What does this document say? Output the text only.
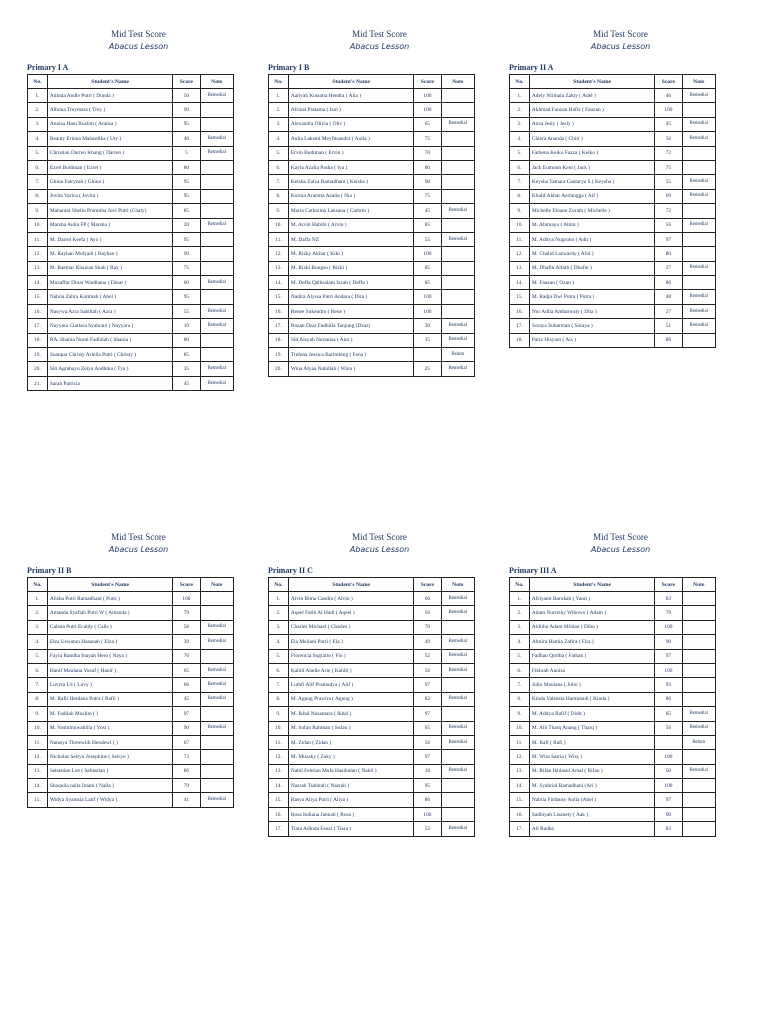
Mid Test Score
Abacus Lesson
Primary I A
No.	Student's Name	Score	Note
1.	Adinda Andle Putri ( Dunda )	50	Remedial
2.	Albona Treymara ( Trey )	90	
3.	Annisa Hani Ruslim ( Annisa )	95	
4.	Beauty Erinna Mahardika ( Uty )	40	Remedial
5.	Christian Darren Khang ( Darren )	5	Remedial
6.	Ezrel Budiman ( Ezrel )	80	
7.	Ghina Fairyzah ( Ghina )	95	
8.	Jovita Varica ( Jovita )	95	
9.	Maharani Shello Pramitha Jovi Putri (Chaty)	85	
10.	Marsha Aulia FP ( Marsha )	20	Remedial
11.	M. Darrel Keefa ( Ayo )	95	
12.	M. Rayhan Mulyadi ( Rayhan )	90	
13.	M. Raemar Khaizan Shah ( Ray )	75	
14.	Muzaffar Dinar Wardhana ( Dinar )	60	Remedial
15.	Nabila Zahra Karimah ( Abel )	95	
16.	Nasywa Azra Sabillah ( Azra )	55	Remedial
17.	Nayyara Clarissa Syahrani ( Nayyara )	10	Remedial
18.	RA. Shania Nurul Fadhilah ( Shania )	80	
19.	Suanpar Christy Ariella Putri ( Christy )	85	
20.	Siti Agrahayu Zetya Andhika ( Tya )	35	Remedial
21.	Sarah Patricia	45	Remedial
Mid Test Score
Abacus Lesson
Primary I B
No.	Student's Name	Score	Note
1.	Aaliyah Kusuma Hendra ( Alia )	100	
2.	Afrizal Pratama ( Izal )	100	
3.	Alexandra Olivia ( Oliv )	65	Remedial
4.	Aulia Laksmi Meyfitsandra ( Aulia )	75	
5.	Ervin Budiman ( Ervin )	70	
6.	Kayla Azalia Pasha ( Iya )	80	
7.	Keisha Zalva Ramadhani ( Keisha )	90	
8.	Kurnia Aramita Azalia ( Nia )	75	
9.	Maria Catharina Laksana ( Cathrin )	45	Remedial
10.	M. Arvin Habibi ( Arvin )	85	
11.	M. Daffa NZ	55	Remedial
12.	M. Rizky Akbar ( Kiki )	100	
13.	M. Rizki Bungsu ( Rizki )	85	
14.	M. Deffa Qalbsalam Izzah ( Deffa )	85	
15.	Nadira Alyssa Putri Andara ( Dira )	100	
16.	Renee Sukendro ( Rene )	100	
17.	Rozan Dzar Fadhilla Tanjung (Dzaz)	30	Remedial
18.	Siti Aisyah Nuranisa ( Aini )	15	Remedial
19.	Trefena Jessica Barimbing ( Fena )		Belum
20.	Wina Alyaa Nabillah ( Wina )	25	Remedial
Mid Test Score
Abacus Lesson
Primary II A
No.	Student's Name	Score	Note
1.	Adely Nirmala Zakty ( Adel )	46	Remedial
2.	Akhmad Fauzan Hafiz ( Fauzan )	100	
3.	Anza Jesly ( Jesly )	45	Remedial
4.	Chiera Ananda ( Chiri )	56	Remedial
5.	Fathena Keiko Fazza ( Keiko )	72	
6.	Jack Eumonn Kent ( Jack )	75	
7.	Keysha Tamara Cantarya S ( Keysha )	55	Remedial
8.	Khalif Akbar Aerlangga ( Aif )	69	Remedial
9.	Michelle Eloane Zorath ( Michelle )	72	
10.	M. Abimayu ( Abim )	56	Remedial
11.	M. Aditya Nugroho ( Adit )	97	
12.	M. Chalid Lazwardy ( Alid )	80	
13.	M. Dhafin Alfath ( Dhafin )	27	Remedial
14.	M. Fauzan ( Ozan )	86	
15.	M. Radja Dwi Putra ( Putra )	48	Remedial
16.	Nur Adila Ambarwaty ( Dila )	27	Remedial
17.	Soraya Suharman ( Soraya )	51	Remedial
18.	Pariz Hisyam ( Ais )	86	
Mid Test Score
Abacus Lesson
Primary II B
No.	Student's Name	Score	Note
1.	Alisha Putri Ramadhani ( Putri )	100	
2.	Amanda Syafiah Putri W ( Amanda )	79	
3.	Calista Putri Ecaldy ( Calis )	58	Remedial
4.	Elza Uswatun Hasanah ( Elza )	39	Remedial
5.	Fayra Raudha Inayah Hero ( Naya )	76	
6.	Hanif Maulana Yusuf ( Hanif )	65	Remedial
7.	Luvyta LS ( Luvy )	66	Remedial
8.	M. Rafli Herdana Putra ( Rafli )	45	Remedial
9.	M. Fadilah Muslim ( )	97	
10.	M. Yoshimuwahilla ( Yosi )	90	Remedial
11.	Natasya Threewidi Hendewi ( )	67	
12.	Nicholas Seiryu Josephine ( Seiryu )	73	
13.	Sebastian Lee ( Sebastian )	86	
14.	Shaquila naila Imani ( Naila )	79	
15.	Widya Syamsia Latif ( Widya )	41	Remedial
Mid Test Score
Abacus Lesson
Primary II C
No.	Student's Name	Score	Note
1.	Alvin Bima Candra ( Alvin )	66	Remedial
2.	Aqeel Fatih Al Hadi ( Aqeel )	56	Remedial
3.	Charles Michael ( Charles )	70	
4.	Ela Meilani Putri ( Ela )	49	Remedial
5.	Florencia Sugiarto ( Flo )	52	Remedial
6.	Kahlil Aladie Arie ( Kahlil )	56	Remedial
7.	Luthfi Alif Pramudya ( Alif )	97	
8.	M. Agung Prawira ( Agung )	82	Remedial
9.	M. Ikbal Nusantara ( Ikbal )	97	
10.	M. Sufan Rahman ( Sufan )	65	Remedial
11.	M. Zidan ( Zidan )	56	Remedial
12.	M. Muzaky ( Zaky )	97	
13.	Nabil Febrian Mufa Hasibulan ( Nabil )	18	Remedial
14.	Nazrah Tsabitah ( Nazrah )	95	
15.	Rasya Aliya Putri ( Aliya )	86	
16.	Rosa Indiana Jannati ( Rosa )	100	
17.	Tiara Adinda Fauzi ( Tiara )	52	Remedial
Mid Test Score
Abacus Lesson
Primary III A
No.	Student's Name	Score	Note
1.	Afriyanti Barokah ( Yanti )	83	
2.	Adam Nurrizky Wibowo ( Adam )	79	
3.	Aldiiho Adam Mildan ( Diho )	100	
4.	Almira Hamia Zafira ( Fira )	90	
5.	Fadhan Qoriba ( Fathan )	97	
6.	Fikhrah Annisa	100	
7.	Julio Maulana ( Julio )	93	
8.	Kinda Valensia Hamimadi ( Kinda )	86	
9.	M. Aditya Rafif ( Didit )	65	Remedial
10.	M. Alh Tharq Anang ( Tharq )	56	Remedial
11.	M. Rafi ( Rafi )		Belum
12.	M. Wira Satria ( Wira )	100	
13.	M. Rifan Ikhlasul Amal ( Rifan )	50	Remedial
14.	M. Syahrial Ramadhani (Ari )	100	
15.	Nabila Firdausy Aulia (Abel )	97	
16.	Sadhiyah Lisanety ( Aak )	90	
17.	Ali Radho	83	
